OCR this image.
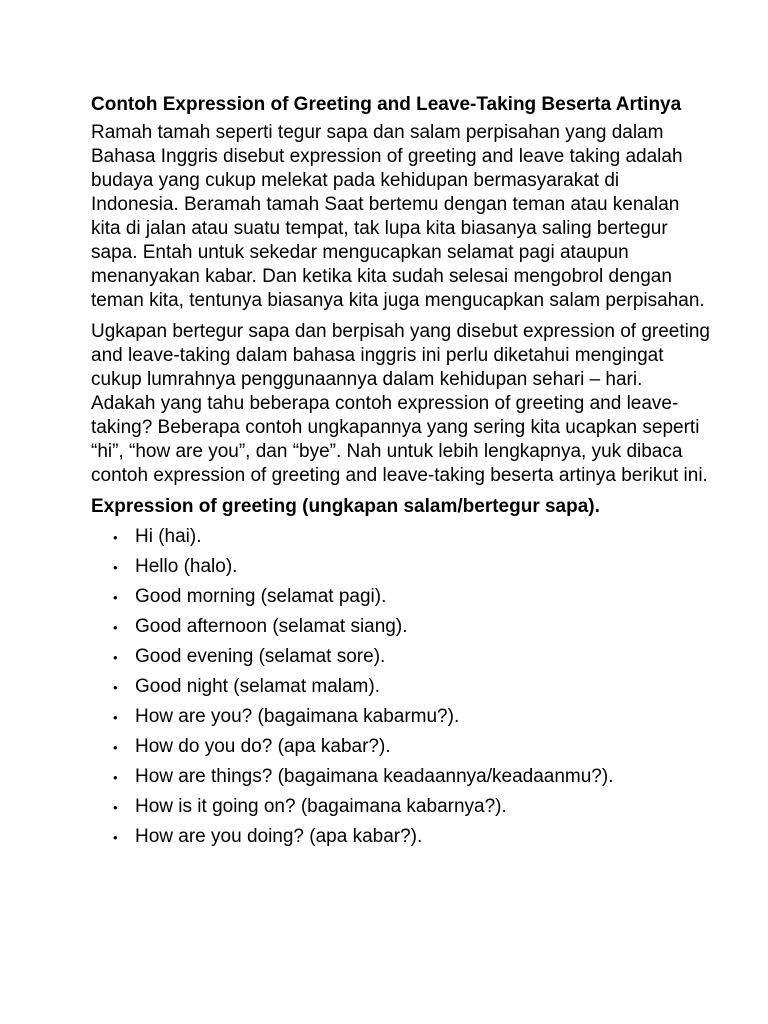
Contoh Expression of Greeting and Leave-Taking Beserta Artinya

Ramah tamah seperti tegur sapa dan salam perpisahan yang dalam Bahasa Inggris disebut expression of greeting and leave taking adalah budaya yang cukup melekat pada kehidupan bermasyarakat di Indonesia. Beramah tamah Saat bertemu dengan teman atau kenalan kita di jalan atau suatu tempat, tak lupa kita biasanya saling bertegur sapa. Entah untuk sekedar mengucapkan selamat pagi ataupun menanyakan kabar. Dan ketika kita sudah selesai mengobrol dengan teman kita, tentunya biasanya kita juga mengucapkan salam perpisahan.

Ugkapan bertegur sapa dan berpisah yang disebut expression of greeting and leave-taking dalam bahasa inggris ini perlu diketahui mengingat cukup lumrahnya penggunaannya dalam kehidupan sehari – hari. Adakah yang tahu beberapa contoh expression of greeting and leave-taking? Beberapa contoh ungkapannya yang sering kita ucapkan seperti “hi”, “how are you”, dan “bye”. Nah untuk lebih lengkapnya, yuk dibaca contoh expression of greeting and leave-taking beserta artinya berikut ini.

Expression of greeting (ungkapan salam/bertegur sapa).
• Hi (hai).
• Hello (halo).
• Good morning (selamat pagi).
• Good afternoon (selamat siang).
• Good evening (selamat sore).
• Good night (selamat malam).
• How are you? (bagaimana kabarmu?).
• How do you do? (apa kabar?).
• How are things? (bagaimana keadaannya/keadaanmu?).
• How is it going on? (bagaimana kabarnya?).
• How are you doing? (apa kabar?).
